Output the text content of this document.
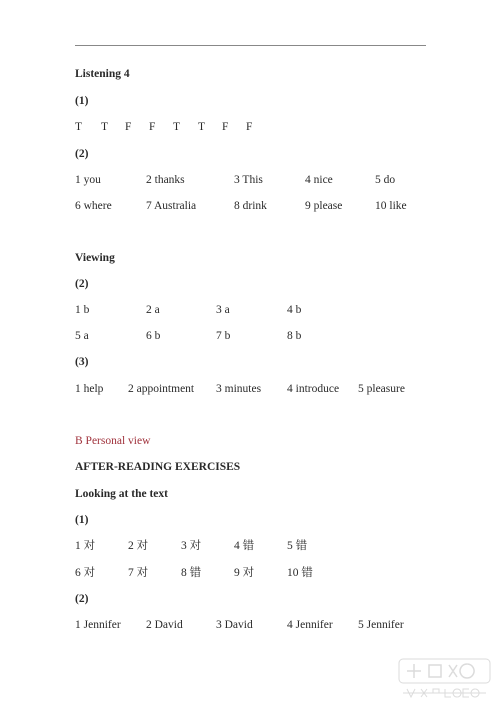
Listening 4
(1)
T T F F T T F F
(2)
1 you	2 thanks	3 This	4 nice	5 do
6 where	7 Australia	8 drink	9 please	10 like
Viewing
(2)
1 b	2 a	3 a	4 b
5 a	6 b	7 b	8 b
(3)
1 help 2 appointment 3 minutes 4 introduce 5 pleasure
B Personal view
AFTER-READING EXERCISES
Looking at the text
(1)
1 对	2 对	3 对	4 错	5 错
6 对	7 对	8 错	9 对	10 错
(2)
1 Jennifer 2 David	3 David	4 Jennifer 5 Jennifer
